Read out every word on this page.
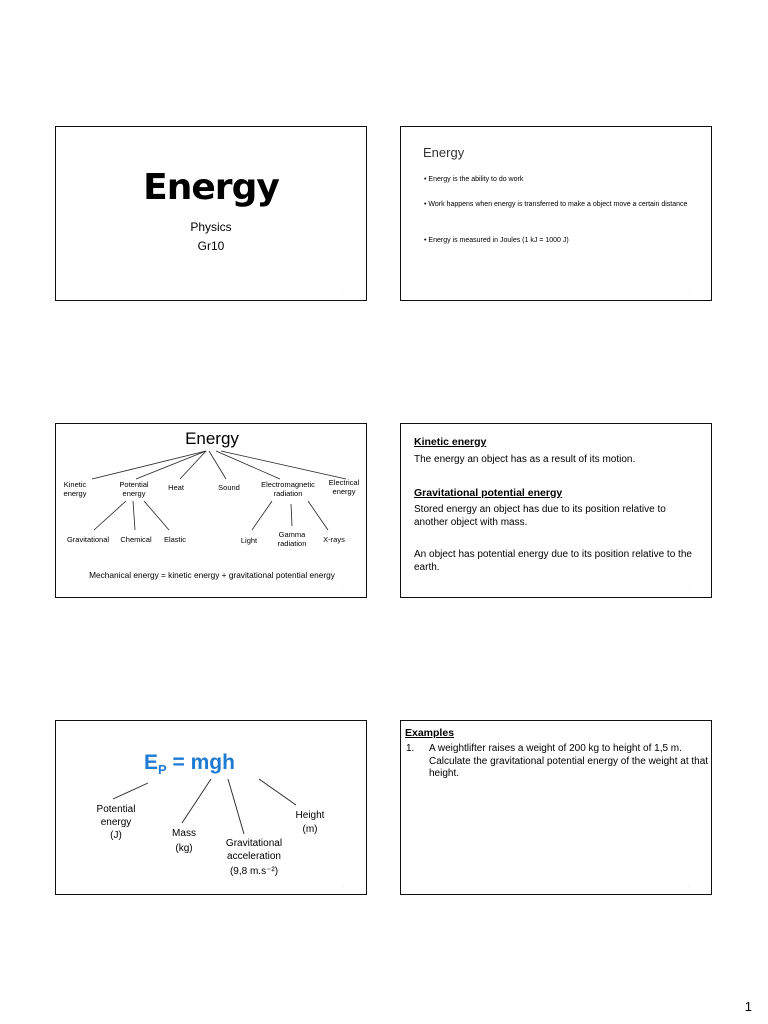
Energy
Physics
Gr10
·
Energy
• Energy is the ability to do work
• Work happens when energy is transferred to make a object move a certain distance
• Energy is measured in Joules (1 kJ = 1000 J)
·
Energy
Kinetic
energy
Potential
energy
Heat	Sound	Electromagnetic
radiation
Electrical
energy
Gravitational	Chemical	Elastic	Light
Gamma
radiation	X-rays
Mechanical energy = kinetic energy + gravitational potential energy
·
Kinetic energy
The energy an object has as a result of its motion.
Gravitational potential energy
Stored energy an object has due to its position relative to another object with mass.
An object has potential energy due to its position relative to the earth.
·
$E_P$ = mgh
Potential
energy
(J)	Mass
(kg)	Gravitational
acceleration
(9,8 m.s⁻²)
Height
(m)
·
Examples
1. A weightlifter raises a weight of 200 kg to height of 1,5 m. Calculate the gravitational potential energy of the weight at that height.
·
1
